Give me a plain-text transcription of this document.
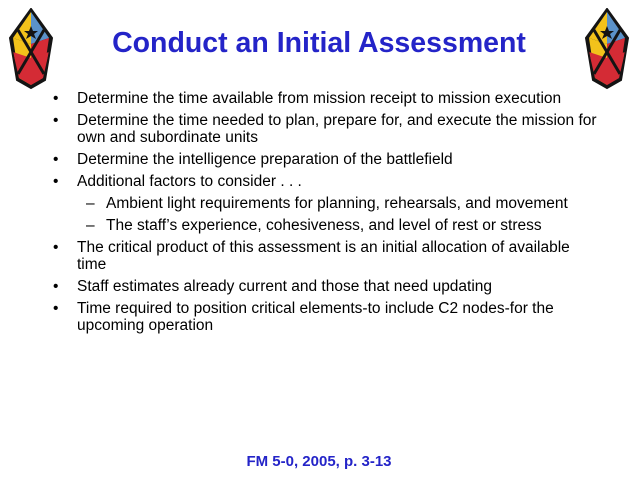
Conduct an Initial Assessment
• Determine the time available from mission receipt to mission execution
• Determine the time needed to plan, prepare for, and execute the mission for own and subordinate units
• Determine the intelligence preparation of the battlefield
• Additional factors to consider . . .
– Ambient light requirements for planning, rehearsals, and movement
– The staff’s experience, cohesiveness, and level of rest or stress
• The critical product of this assessment is an initial allocation of available time
• Staff estimates already current and those that need updating
• Time required to position critical elements-to include C2 nodes-for the upcoming operation
FM 5-0, 2005, p. 3-13
